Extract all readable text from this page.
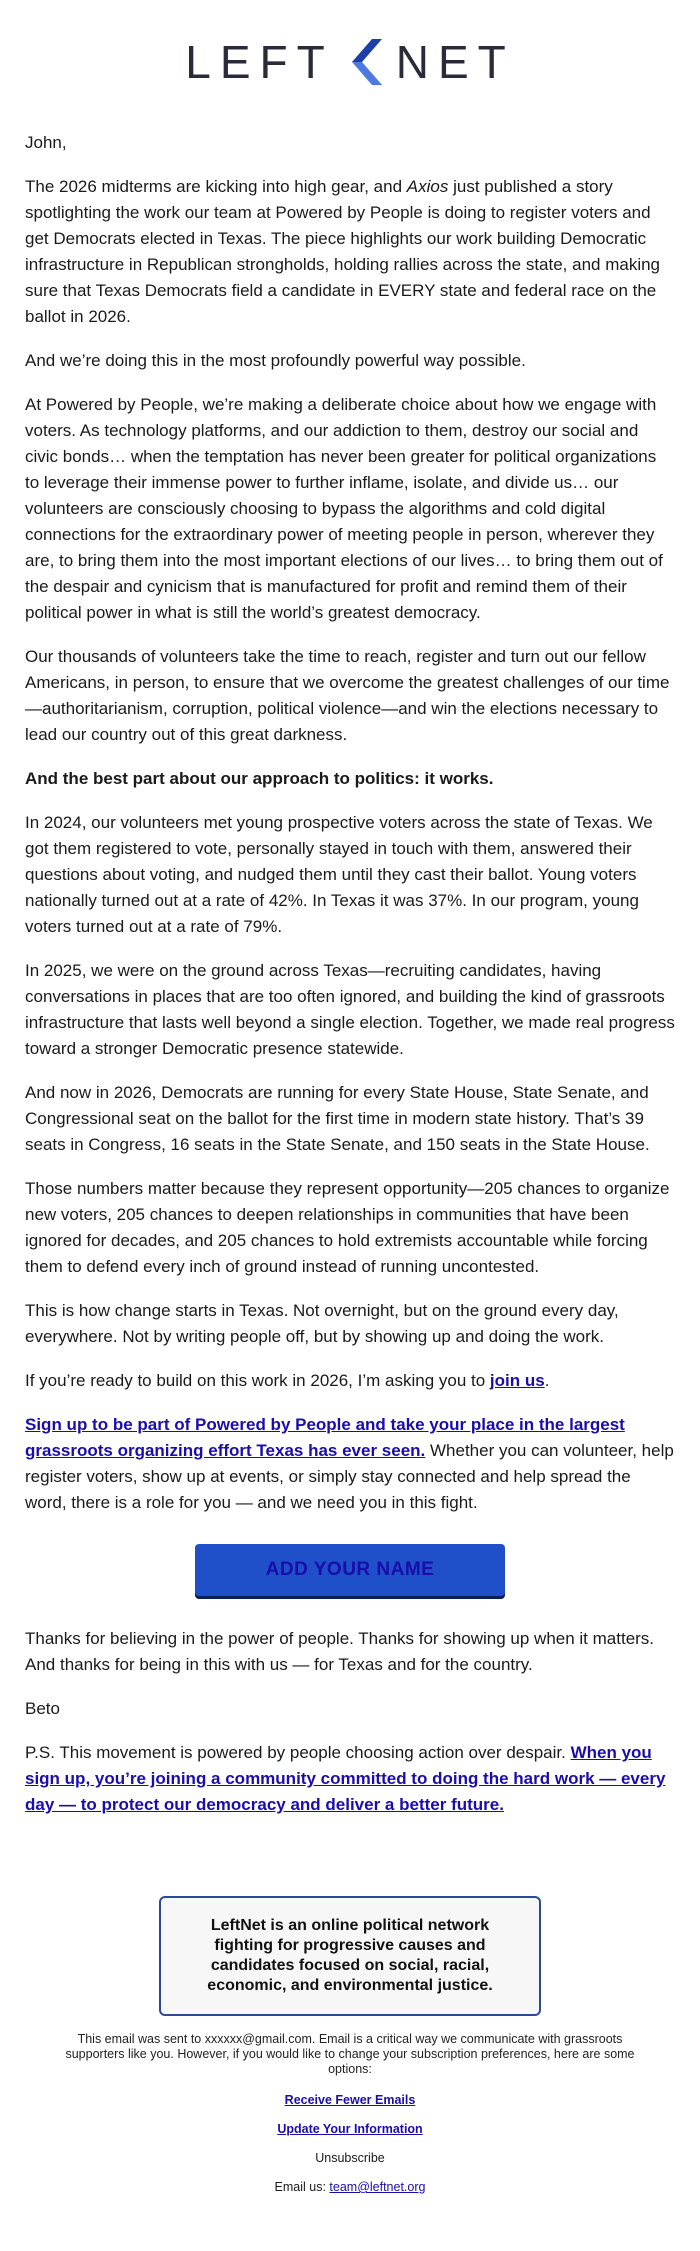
LEFT NET

John,

The 2026 midterms are kicking into high gear, and Axios just published a story spotlighting the work our team at Powered by People is doing to register voters and get Democrats elected in Texas. The piece highlights our work building Democratic infrastructure in Republican strongholds, holding rallies across the state, and making sure that Texas Democrats field a candidate in EVERY state and federal race on the ballot in 2026.

And we’re doing this in the most profoundly powerful way possible.

At Powered by People, we’re making a deliberate choice about how we engage with voters. As technology platforms, and our addiction to them, destroy our social and civic bonds… when the temptation has never been greater for political organizations to leverage their immense power to further inflame, isolate, and divide us… our volunteers are consciously choosing to bypass the algorithms and cold digital connections for the extraordinary power of meeting people in person, wherever they are, to bring them into the most important elections of our lives… to bring them out of the despair and cynicism that is manufactured for profit and remind them of their political power in what is still the world’s greatest democracy.

Our thousands of volunteers take the time to reach, register and turn out our fellow Americans, in person, to ensure that we overcome the greatest challenges of our time—authoritarianism, corruption, political violence—and win the elections necessary to lead our country out of this great darkness.

And the best part about our approach to politics: it works.

In 2024, our volunteers met young prospective voters across the state of Texas. We got them registered to vote, personally stayed in touch with them, answered their questions about voting, and nudged them until they cast their ballot. Young voters nationally turned out at a rate of 42%. In Texas it was 37%. In our program, young voters turned out at a rate of 79%.

In 2025, we were on the ground across Texas—recruiting candidates, having conversations in places that are too often ignored, and building the kind of grassroots infrastructure that lasts well beyond a single election. Together, we made real progress toward a stronger Democratic presence statewide.

And now in 2026, Democrats are running for every State House, State Senate, and Congressional seat on the ballot for the first time in modern state history. That’s 39 seats in Congress, 16 seats in the State Senate, and 150 seats in the State House.

Those numbers matter because they represent opportunity—205 chances to organize new voters, 205 chances to deepen relationships in communities that have been ignored for decades, and 205 chances to hold extremists accountable while forcing them to defend every inch of ground instead of running uncontested.

This is how change starts in Texas. Not overnight, but on the ground every day, everywhere. Not by writing people off, but by showing up and doing the work.

If you’re ready to build on this work in 2026, I’m asking you to join us.

Sign up to be part of Powered by People and take your place in the largest grassroots organizing effort Texas has ever seen. Whether you can volunteer, help register voters, show up at events, or simply stay connected and help spread the word, there is a role for you — and we need you in this fight.

ADD YOUR NAME

Thanks for believing in the power of people. Thanks for showing up when it matters. And thanks for being in this with us — for Texas and for the country.

Beto

P.S. This movement is powered by people choosing action over despair. When you sign up, you’re joining a community committed to doing the hard work — every day — to protect our democracy and deliver a better future.

LeftNet is an online political network fighting for progressive causes and candidates focused on social, racial, economic, and environmental justice.
This email was sent to xxxxxx@gmail.com. Email is a critical way we communicate with grassroots supporters like you. However, if you would like to change your subscription preferences, here are some options:
Receive Fewer Emails
Update Your Information
Unsubscribe
Email us: team@leftnet.org
